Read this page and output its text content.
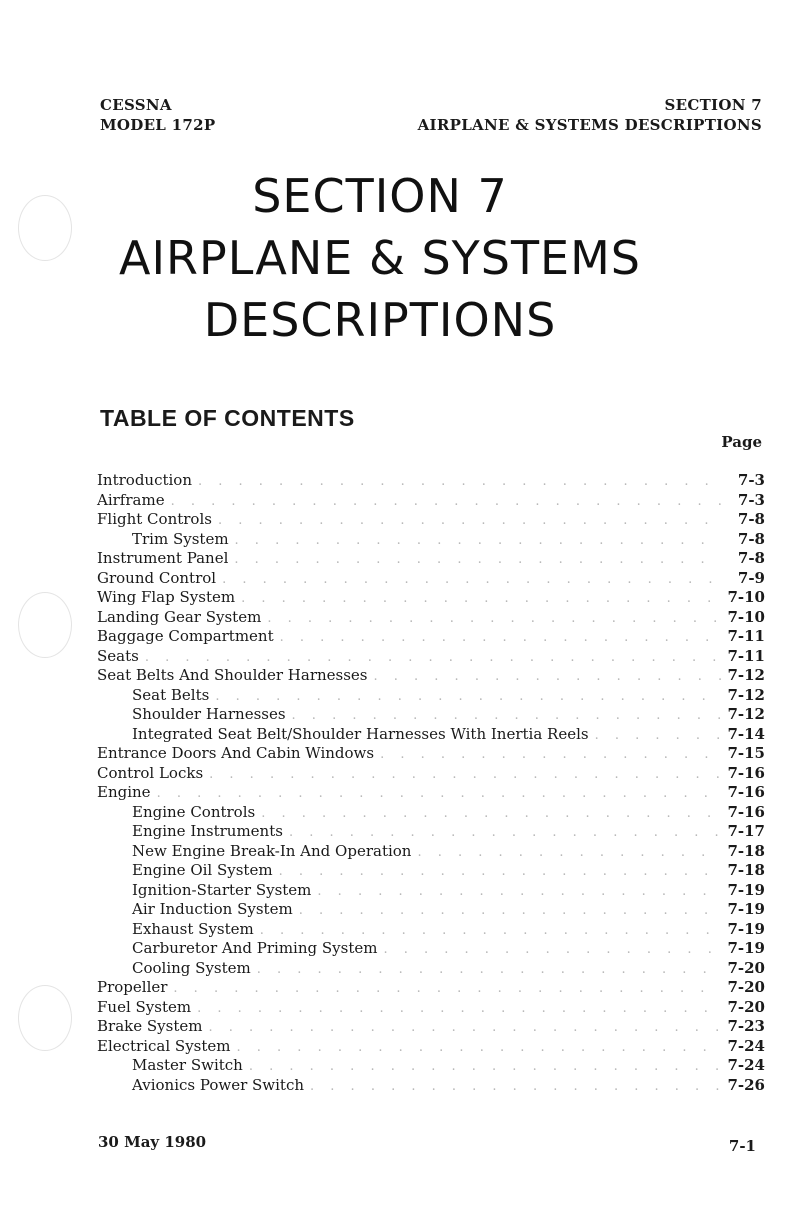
CESSNA
MODEL 172P
SECTION 7
AIRPLANE & SYSTEMS DESCRIPTIONS
SECTION 7
AIRPLANE & SYSTEMS
DESCRIPTIONS
TABLE OF CONTENTS
Page
Introduction . . .	7-3
Airframe . . .	7-3
Flight Controls . . .	7-8
Trim System . . .	7-8
Instrument Panel . . .	7-8
Ground Control . . .	7-9
Wing Flap System . . .	7-10
Landing Gear System . . .	7-10
Baggage Compartment . . .	7-11
Seats . . .	7-11
Seat Belts And Shoulder Harnesses . . .	7-12
Seat Belts . . .	7-12
Shoulder Harnesses . . .	7-12
Integrated Seat Belt/Shoulder Harnesses With Inertia Reels . . .	7-14
Entrance Doors And Cabin Windows . . .	7-15
Control Locks . . .	7-16
Engine . . .	7-16
Engine Controls . . .	7-16
Engine Instruments . . .	7-17
New Engine Break-In And Operation . . .	7-18
Engine Oil System . . .	7-18
Ignition-Starter System . . .	7-19
Air Induction System . . .	7-19
Exhaust System . . .	7-19
Carburetor And Priming System . . .	7-19
Cooling System . . .	7-20
Propeller . . .	7-20
Fuel System . . .	7-20
Brake System . . .	7-23
Electrical System . . .	7-24
Master Switch . . .	7-24
Avionics Power Switch . . .	7-26
30 May 1980	7-1
